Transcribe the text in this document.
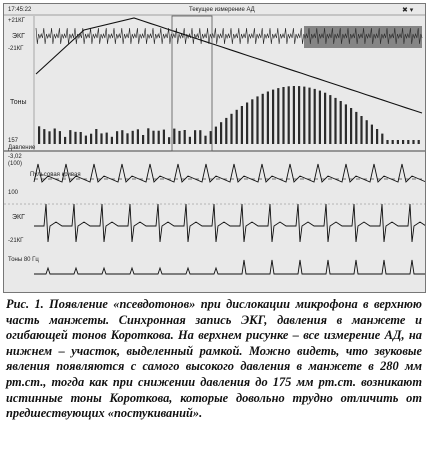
17:45:22	Текущее измерение АД	✖ ▾
+21КГ
ЭКГ
-21КГ
Тоны
157
Давление
-3,02
(100)
Пульсовая кривая
100
ЭКГ
-21КГ
Тоны 80 Гц
Рис. 1. Появление «псевдотонов» при дислокации микрофона в верхнюю часть манжеты. Синхронная запись ЭКГ, давления в манжете и огибающей тонов Короткова. На верхнем рисунке – все измерение АД, на нижнем – участок, выделенный рамкой. Можно видеть, что звуковые явления появляются с самого высокого давления в манжете в 280 мм рт.ст., тогда как при снижении давления до 175 мм рт.ст. возникают истинные тоны Короткова, которые довольно трудно отличить от предшествующих «постукиваний».
